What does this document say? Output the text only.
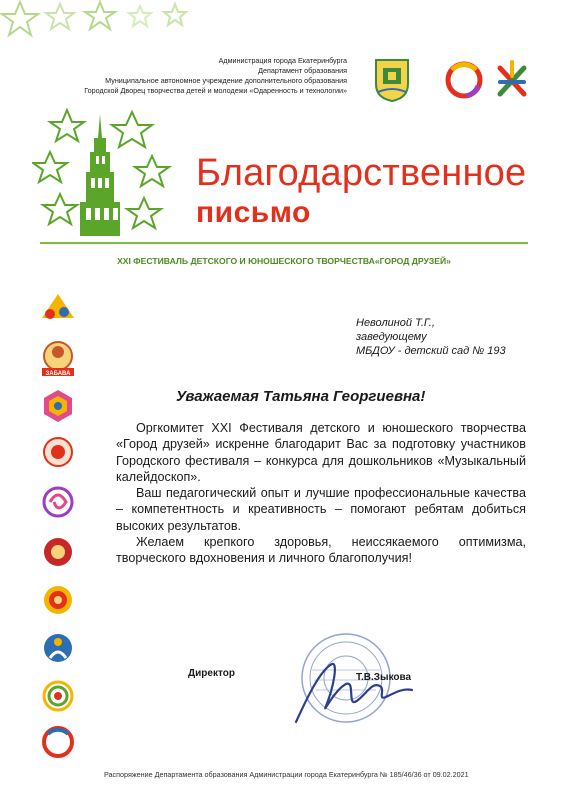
Администрация города Екатеринбурга
Департамент образования
Муниципальное автономное учреждение дополнительного образования
Городской Дворец творчества детей и молодежи «Одаренность и технологии»
Благодарственное
письмо
XXI ФЕСТИВАЛЬ ДЕТСКОГО И ЮНОШЕСКОГО ТВОРЧЕСТВА«ГОРОД ДРУЗЕЙ»
ЗАБАВА
Неволиной Т.Г.,
заведующему
МБДОУ - детский сад № 193
Уважаемая Татьяна Георгиевна!

Оргкомитет XXI Фестиваля детского и юношеского творчества «Город друзей» искренне благодарит Вас за подготовку участников Городского фестиваля – конкурса для дошкольников «Музыкальный калейдоскоп».

Ваш педагогический опыт и лучшие профессиональные качества – компетентность и креативность – помогают ребятам добиться высоких результатов.

Желаем крепкого здоровья, неиссякаемого оптимизма, творческого вдохновения и личного благополучия!

Директор	Т.В.Зыкова
Распоряжение Департамента образования Администрации города Екатеринбурга № 185/46/36 от 09.02.2021
